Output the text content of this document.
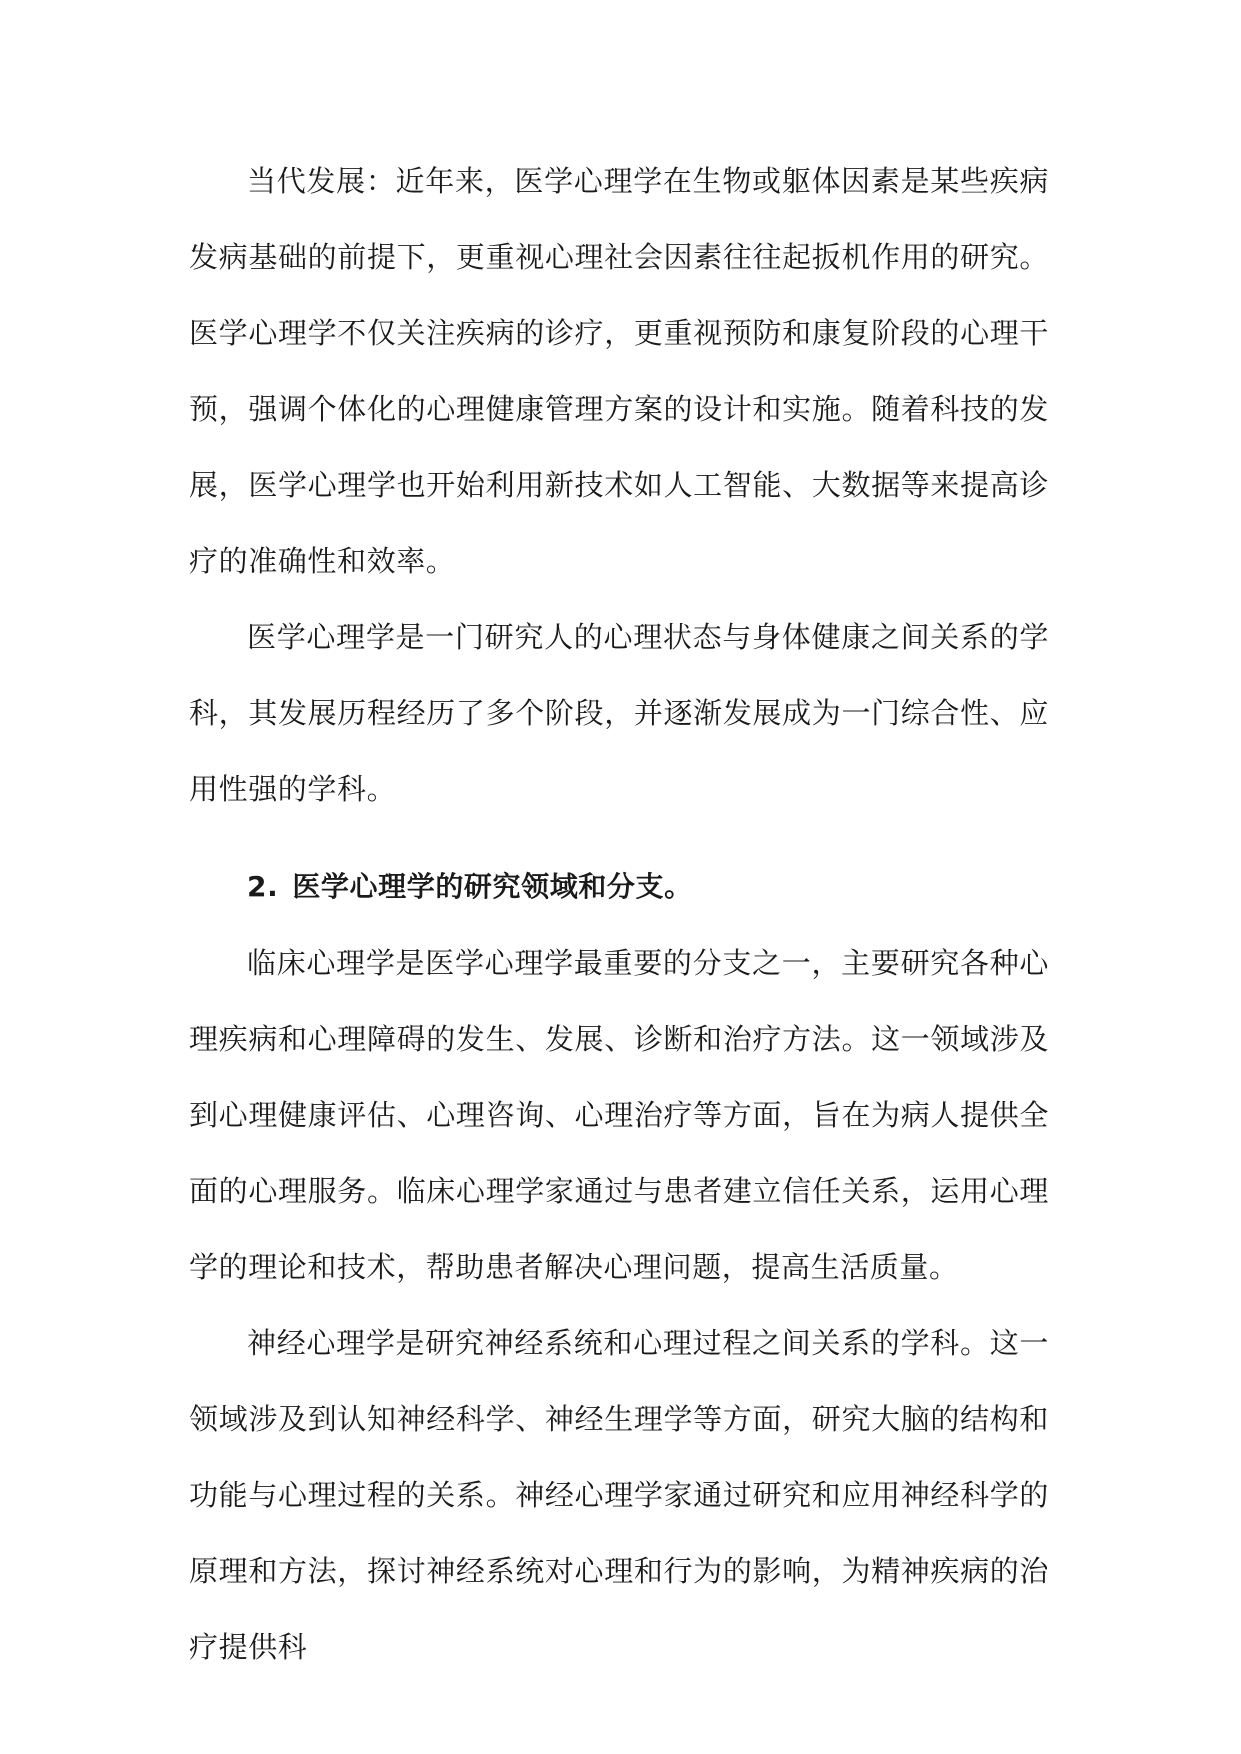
当代发展：近年来，医学心理学在生物或躯体因素是某些疾病发病基础的前提下，更重视心理社会因素往往起扳机作用的研究。医学心理学不仅关注疾病的诊疗，更重视预防和康复阶段的心理干预，强调个体化的心理健康管理方案的设计和实施。随着科技的发展，医学心理学也开始利用新技术如人工智能、大数据等来提高诊疗的准确性和效率。

医学心理学是一门研究人的心理状态与身体健康之间关系的学科，其发展历程经历了多个阶段，并逐渐发展成为一门综合性、应用性强的学科。

2. 医学心理学的研究领域和分支。

临床心理学是医学心理学最重要的分支之一，主要研究各种心理疾病和心理障碍的发生、发展、诊断和治疗方法。这一领域涉及到心理健康评估、心理咨询、心理治疗等方面，旨在为病人提供全面的心理服务。临床心理学家通过与患者建立信任关系，运用心理学的理论和技术，帮助患者解决心理问题，提高生活质量。

神经心理学是研究神经系统和心理过程之间关系的学科。这一领域涉及到认知神经科学、神经生理学等方面，研究大脑的结构和功能与心理过程的关系。神经心理学家通过研究和应用神经科学的原理和方法，探讨神经系统对心理和行为的影响，为精神疾病的治疗提供科
